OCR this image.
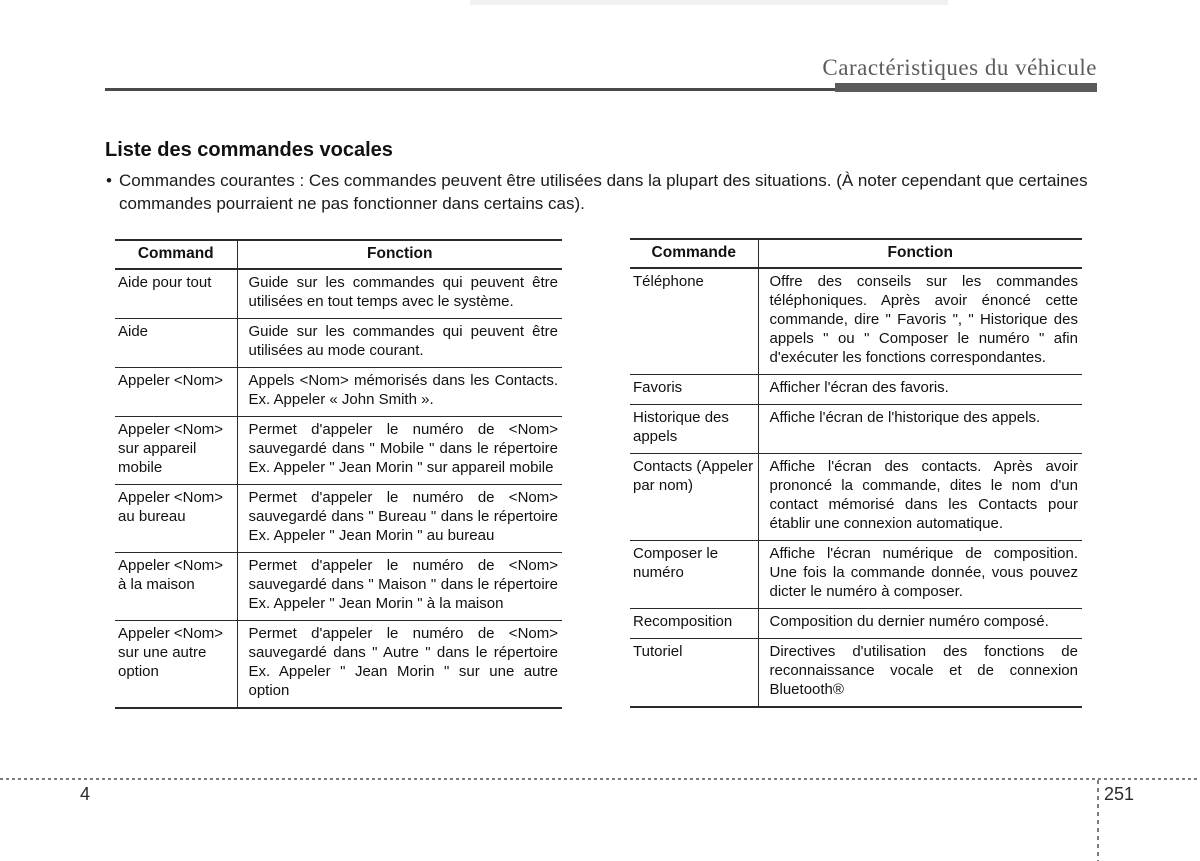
Caractéristiques du véhicule
Liste des commandes vocales
• Commandes courantes : Ces commandes peuvent être utilisées dans la plupart des situations. (À noter cependant que certaines commandes pourraient ne pas fonctionner dans certains cas).

Command	Fonction
Aide pour tout	Guide sur les commandes qui peuvent être utilisées en tout temps avec le système.
Aide	Guide sur les commandes qui peuvent être utilisées au mode courant.
Appeler <Nom>	Appels <Nom> mémorisés dans les Contacts. Ex. Appeler « John Smith ».
Appeler <Nom> sur appareil mobile	Permet d'appeler le numéro de <Nom> sauvegardé dans " Mobile " dans le répertoire Ex. Appeler " Jean Morin " sur appareil mobile
Appeler <Nom> au bureau	Permet d'appeler le numéro de <Nom> sauvegardé dans " Bureau " dans le répertoire Ex. Appeler " Jean Morin " au bureau
Appeler <Nom> à la maison	Permet d'appeler le numéro de <Nom> sauvegardé dans " Maison " dans le répertoire Ex. Appeler " Jean Morin " à la maison
Appeler <Nom> sur une autre option	Permet d'appeler le numéro de <Nom> sauvegardé dans " Autre " dans le répertoire Ex. Appeler " Jean Morin " sur une autre option
Commande	Fonction
Téléphone	Offre des conseils sur les commandes téléphoniques. Après avoir énoncé cette commande, dire " Favoris ", " Historique des appels " ou " Composer le numéro " afin d'exécuter les fonctions correspondantes.
Favoris	Afficher l'écran des favoris.
Historique des appels	Affiche l'écran de l'historique des appels.
Contacts (Appeler par nom)	Affiche l'écran des contacts. Après avoir prononcé la commande, dites le nom d'un contact mémorisé dans les Contacts pour établir une connexion automatique.
Composer le numéro	Affiche l'écran numérique de composition. Une fois la commande donnée, vous pouvez dicter le numéro à composer.
Recomposition	Composition du dernier numéro composé.
Tutoriel	Directives d'utilisation des fonctions de reconnaissance vocale et de connexion Bluetooth®
4	251
